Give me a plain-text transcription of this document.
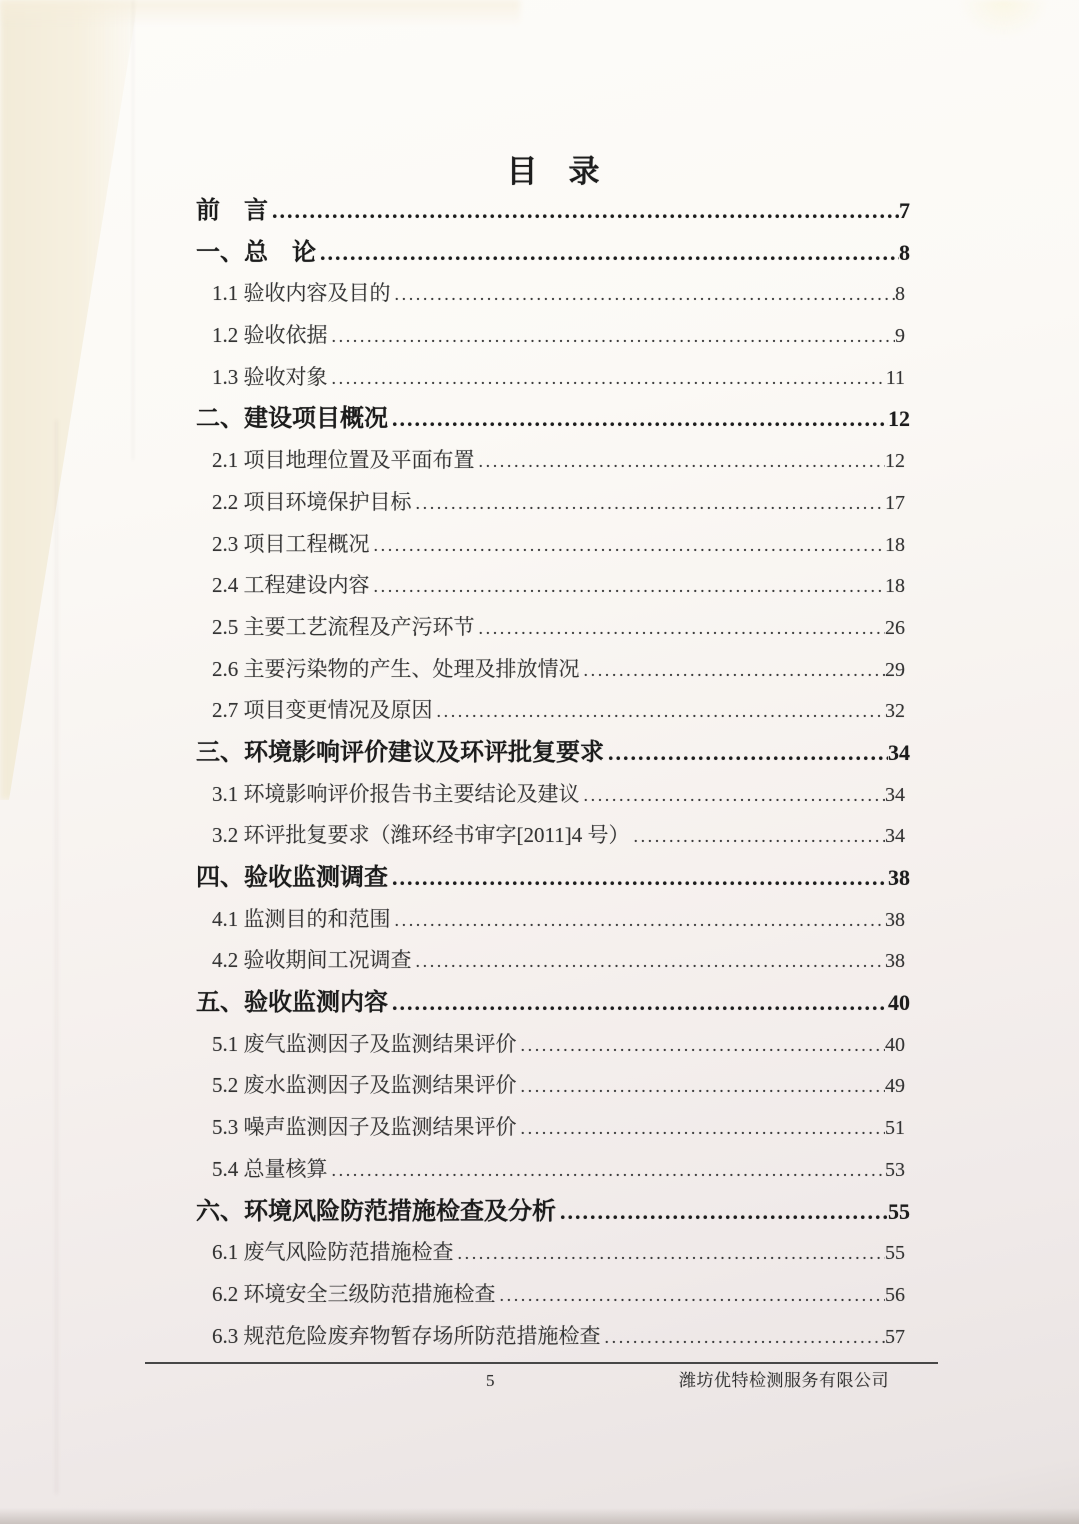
目　录
前　言 .....	7
一、总　论 .....	8
1.1 验收内容及目的 .....	8
1.2 验收依据 .....	9
1.3 验收对象 .....	11
二、建设项目概况 .....	12
2.1 项目地理位置及平面布置 .....	12
2.2 项目环境保护目标 .....	17
2.3 项目工程概况 .....	18
2.4 工程建设内容 .....	18
2.5 主要工艺流程及产污环节 .....	26
2.6 主要污染物的产生、处理及排放情况 .....	29
2.7 项目变更情况及原因 .....	32
三、环境影响评价建议及环评批复要求 .....	34
3.1 环境影响评价报告书主要结论及建议 .....	34
3.2 环评批复要求（潍环经书审字[2011]4 号） .....	34
四、验收监测调查 .....	38
4.1 监测目的和范围 .....	38
4.2 验收期间工况调查 .....	38
五、验收监测内容 .....	40
5.1 废气监测因子及监测结果评价 .....	40
5.2 废水监测因子及监测结果评价 .....	49
5.3 噪声监测因子及监测结果评价 .....	51
5.4 总量核算 .....	53
六、环境风险防范措施检查及分析 .....	55
6.1 废气风险防范措施检查 .....	55
6.2 环境安全三级防范措施检查 .....	56
6.3 规范危险废弃物暂存场所防范措施检查 .....	57
5	潍坊优特检测服务有限公司
